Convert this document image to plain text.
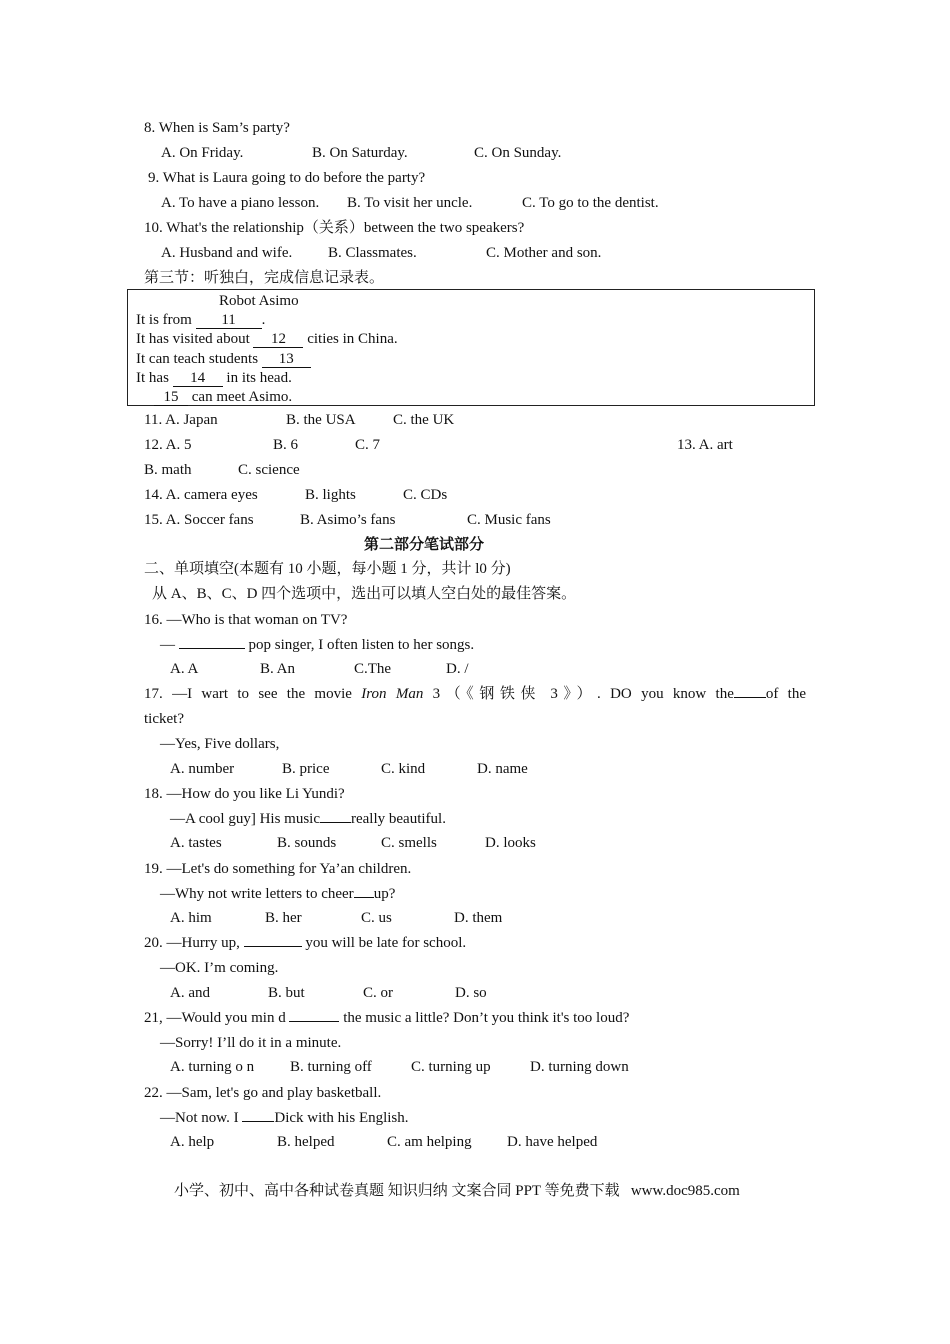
8. When is Sam’s party?
A. On Friday.	B. On Saturday.	C. On Sunday.
9. What is Laura going to do before the party?
A. To have a piano lesson. B. To visit her uncle.	C. To go to the dentist.
10. What's the relationship（关系）between the two speakers?
A. Husband and wife. B. Classmates.	C. Mother and son.
第三节：听独白，完成信息记录表。
Robot Asimo
It is from 11 .
It has visited about 12 cities in China.
It can teach students 13
It has 14 in its head.
15 can meet Asimo.
11. A. Japan	B. the USA C. the UK
12. A. 5	B. 6	C. 7	13. A. art
B. math	C. science
14. A. camera eyes	B. lights	C. CDs
15. A. Soccer fans	B. Asimo’s fans	C. Music fans
第二部分笔试部分
二、单项填空(本题有 10 小题，每小题 1 分，共计 l0 分)
从 A、B、C、D 四个选项中，选出可以填人空白处的最佳答案。
16. —Who is that woman on TV?
—	pop singer, I often listen to her songs.
A. A	B. An	C.The	D. /
17. —I wart to see the movie Iron Man 3（《钢铁侠 3》）. DO you know the of the
ticket?
—Yes, Five dollars,
A. number	B. price	C. kind	D. name
18. —How do you like Li Yundi?
—A cool guy] His music really beautiful.
A. tastes	B. sounds	C. smells	D. looks
19. —Let's do something for Ya’an children.
—Why not write letters to cheer up?
A. him	B. her	C. us	D. them
20. —Hurry up,	you will be late for school.
—OK. I’m coming.
A. and	B. but	C. or	D. so
21, —Would you min d	the music a little? Don’t you think it's too loud?
—Sorry! I’ll do it in a minute.
A. turning o n B. turning off	C. turning up	D. turning down
22. —Sam, let's go and play basketball.
—Not now. I Dick with his English.
A. help	B. helped	C. am helping D. have helped
小学、初中、高中各种试卷真题 知识归纳 文案合同 PPT 等免费下载   www.doc985.com
